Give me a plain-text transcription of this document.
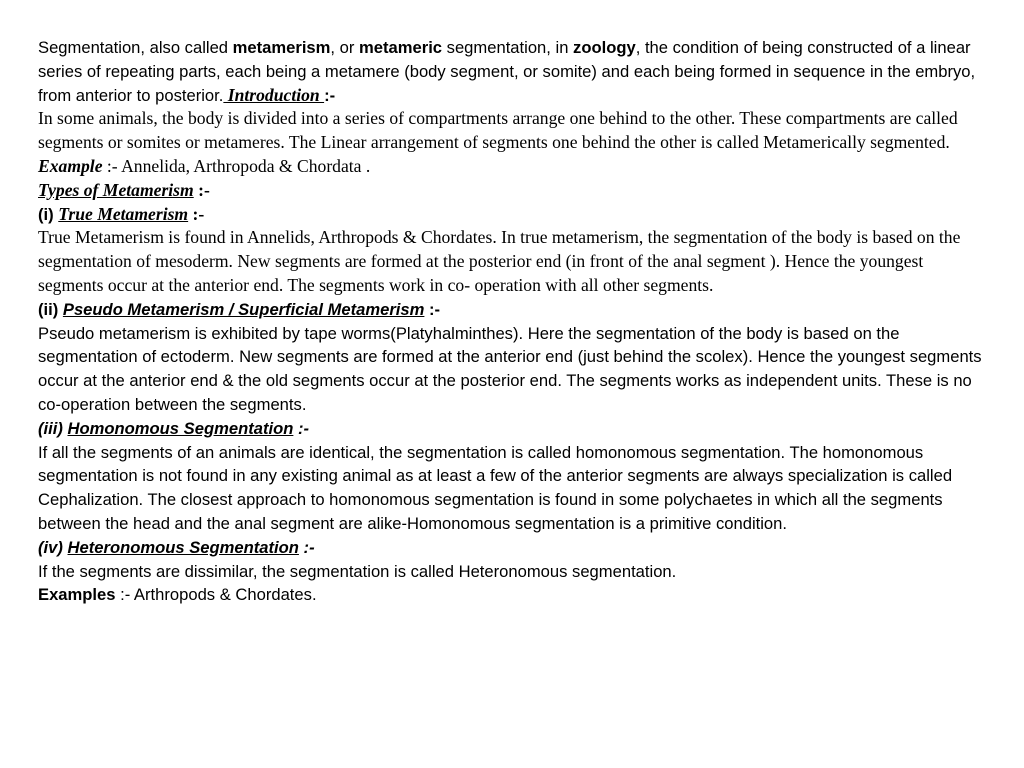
Segmentation, also called metamerism, or metameric segmentation, in zoology, the condition of being constructed of a linear series of repeating parts, each being a metamere (body segment, or somite) and each being formed in sequence in the embryo, from anterior to posterior. Introduction :-
In some animals, the body is divided into a series of compartments arrange one behind to the other. These compartments are called segments or somites or metameres. The Linear arrangement of segments one behind the other is called Metamerically segmented.
Example :- Annelida, Arthropoda & Chordata .
Types of Metamerism :-
(i) True Metamerism :-
True Metamerism is found in Annelids, Arthropods & Chordates. In true metamerism, the segmentation of the body is based on the segmentation of mesoderm. New segments are formed at the posterior end (in front of the anal segment ). Hence the youngest segments occur at the anterior end. The segments work in co- operation with all other segments.
(ii) Pseudo Metamerism / Superficial Metamerism :-
Pseudo metamerism is exhibited by tape worms(Platyhalminthes). Here the segmentation of the body is based on the segmentation of ectoderm. New segments are formed at the anterior end (just behind the scolex). Hence the youngest segments occur at the anterior end & the old segments occur at the posterior end. The segments works as independent units. These is no co-operation between the segments.
(iii) Homonomous Segmentation :-
If all the segments of an animals are identical, the segmentation is called homonomous segmentation. The homonomous segmentation is not found in any existing animal as at least a few of the anterior segments are always specialization is called Cephalization. The closest approach to homonomous segmentation is found in some polychaetes in which all the segments between the head and the anal segment are alike-Homonomous segmentation is a primitive condition.
(iv) Heteronomous Segmentation :-
If the segments are dissimilar, the segmentation is called Heteronomous segmentation.
Examples :- Arthropods & Chordates.
